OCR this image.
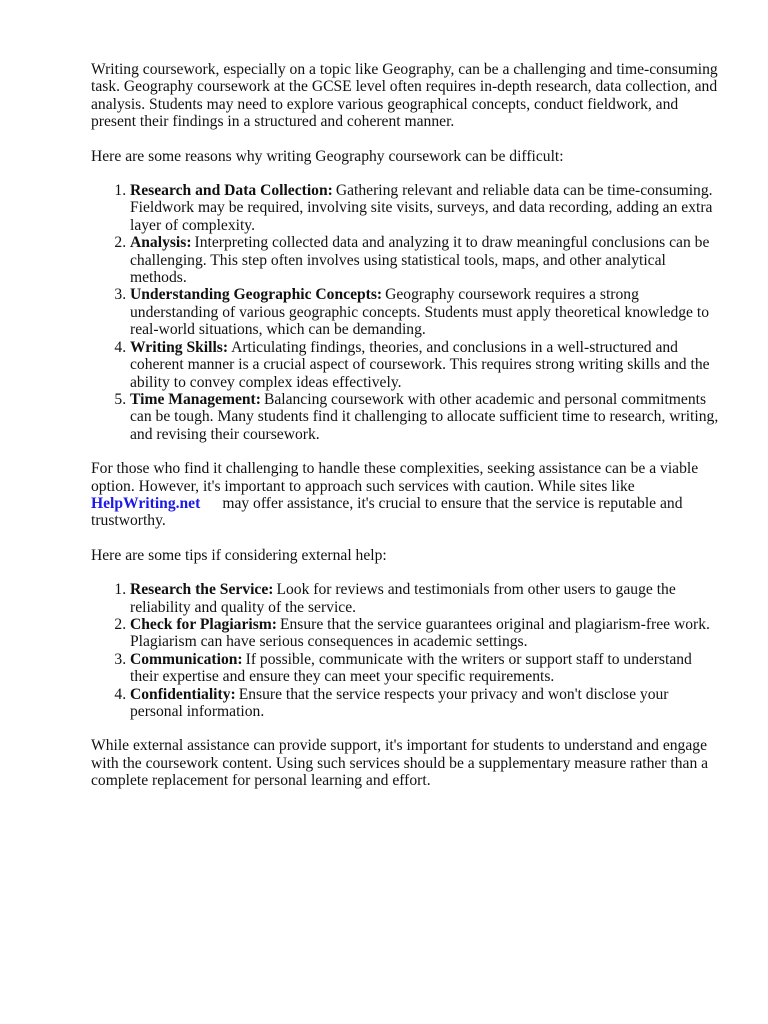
Writing coursework, especially on a topic like Geography, can be a challenging and time-consuming task. Geography coursework at the GCSE level often requires in-depth research, data collection, and analysis. Students may need to explore various geographical concepts, conduct fieldwork, and present their findings in a structured and coherent manner.

Here are some reasons why writing Geography coursework can be difficult:

1. Research and Data Collection: Gathering relevant and reliable data can be time-consuming. Fieldwork may be required, involving site visits, surveys, and data recording, adding an extra layer of complexity.
2. Analysis: Interpreting collected data and analyzing it to draw meaningful conclusions can be challenging. This step often involves using statistical tools, maps, and other analytical methods.
3. Understanding Geographic Concepts: Geography coursework requires a strong understanding of various geographic concepts. Students must apply theoretical knowledge to real-world situations, which can be demanding.
4. Writing Skills: Articulating findings, theories, and conclusions in a well-structured and coherent manner is a crucial aspect of coursework. This requires strong writing skills and the ability to convey complex ideas effectively.
5. Time Management: Balancing coursework with other academic and personal commitments can be tough. Many students find it challenging to allocate sufficient time to research, writing, and revising their coursework.

For those who find it challenging to handle these complexities, seeking assistance can be a viable option. However, it's important to approach such services with caution. While sites like
HelpWriting.net may offer assistance, it's crucial to ensure that the service is reputable and trustworthy.

Here are some tips if considering external help:

1. Research the Service: Look for reviews and testimonials from other users to gauge the reliability and quality of the service.
2. Check for Plagiarism: Ensure that the service guarantees original and plagiarism-free work. Plagiarism can have serious consequences in academic settings.
3. Communication: If possible, communicate with the writers or support staff to understand their expertise and ensure they can meet your specific requirements.
4. Confidentiality: Ensure that the service respects your privacy and won't disclose your personal information.

While external assistance can provide support, it's important for students to understand and engage with the coursework content. Using such services should be a supplementary measure rather than a complete replacement for personal learning and effort.
